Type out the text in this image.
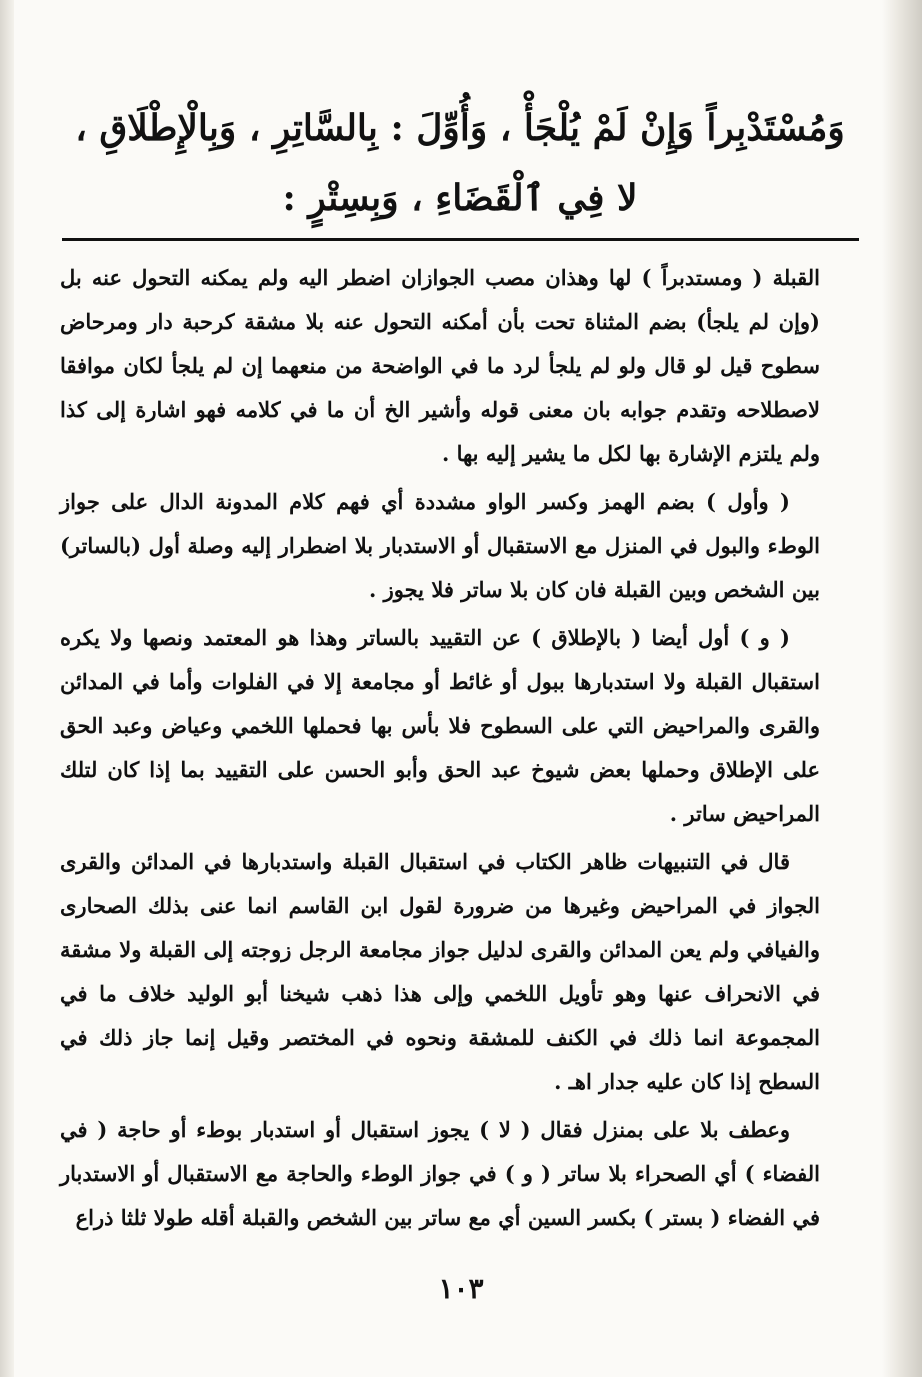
وَمُسْتَدْبِراً وَإِنْ لَمْ يُلْجَأْ ، وَأُوِّلَ : بِالسَّاتِرِ ، وَبِالْإِطْلَاقِ ،
لا فِي ٱلْقَضَاءِ ، وَبِسِتْرٍ :

القبلة ( ومستدبراً ) لها وهذان مصب الجوازان اضطر اليه ولم يمكنه التحول عنه بل (وإن لم يلجأ) بضم المثناة تحت بأن أمكنه التحول عنه بلا مشقة كرحبة دار ومرحاض سطوح قيل لو قال ولو لم يلجأ لرد ما في الواضحة من منعهما إن لم يلجأ لكان موافقا لاصطلاحه وتقدم جوابه بان معنى قوله وأشير الخ أن ما في كلامه فهو اشارة إلى كذا ولم يلتزم الإشارة بها لكل ما يشير إليه بها .

( وأول ) بضم الهمز وكسر الواو مشددة أي فهم كلام المدونة الدال على جواز الوطء والبول في المنزل مع الاستقبال أو الاستدبار بلا اضطرار إليه وصلة أول (بالساتر) بين الشخص وبين القبلة فان كان بلا ساتر فلا يجوز .

( و ) أول أيضا ( بالإطلاق ) عن التقييد بالساتر وهذا هو المعتمد ونصها ولا يكره استقبال القبلة ولا استدبارها ببول أو غائط أو مجامعة إلا في الفلوات وأما في المدائن والقرى والمراحيض التي على السطوح فلا بأس بها فحملها اللخمي وعياض وعبد الحق على الإطلاق وحملها بعض شيوخ عبد الحق وأبو الحسن على التقييد بما إذا كان لتلك المراحيض ساتر .

قال في التنبيهات ظاهر الكتاب في استقبال القبلة واستدبارها في المدائن والقرى الجواز في المراحيض وغيرها من ضرورة لقول ابن القاسم انما عنى بذلك الصحارى والفيافي ولم يعن المدائن والقرى لدليل جواز مجامعة الرجل زوجته إلى القبلة ولا مشقة في الانحراف عنها وهو تأويل اللخمي وإلى هذا ذهب شيخنا أبو الوليد خلاف ما في المجموعة انما ذلك في الكنف للمشقة ونحوه في المختصر وقيل إنما جاز ذلك في السطح إذا كان عليه جدار اهـ .

وعطف بلا على بمنزل فقال ( لا ) يجوز استقبال أو استدبار بوطء أو حاجة ( في الفضاء ) أي الصحراء بلا ساتر ( و ) في جواز الوطء والحاجة مع الاستقبال أو الاستدبار في الفضاء ( بستر ) بكسر السين أي مع ساتر بين الشخص والقبلة أقله طولا ثلثا ذراع

١٠٣
